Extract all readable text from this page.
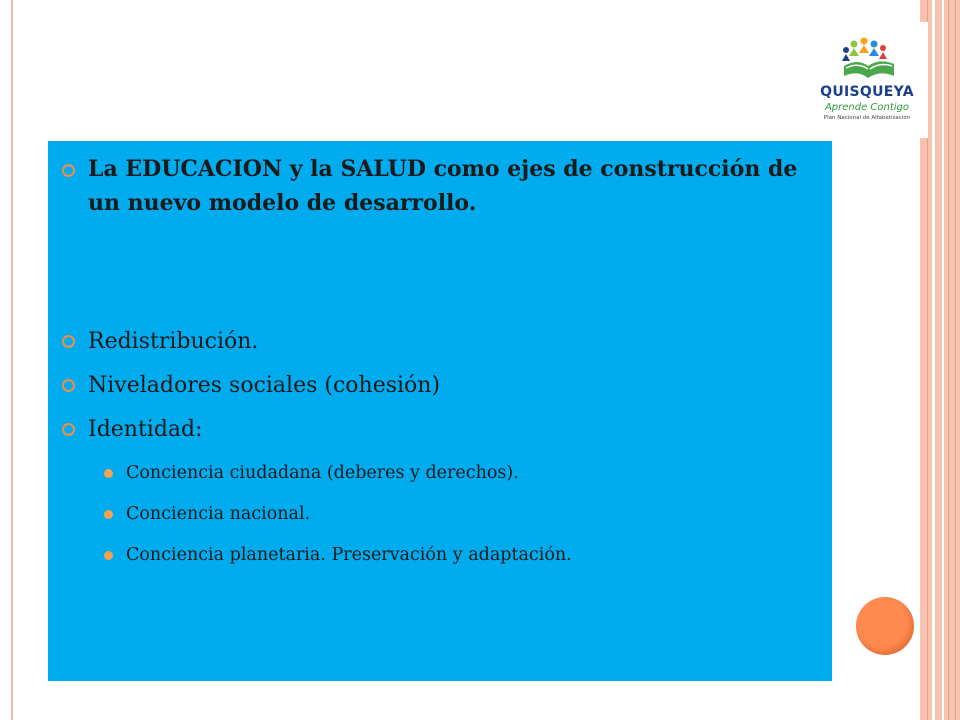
QUISQUEYA
Aprende Contigo
Plan Nacional de Alfabetización
La EDUCACION y la SALUD como ejes de construcción de un nuevo modelo de desarrollo.
Redistribución.
Niveladores sociales (cohesión)
Identidad:
Conciencia ciudadana (deberes y derechos).
Conciencia nacional.
Conciencia planetaria. Preservación y adaptación.
